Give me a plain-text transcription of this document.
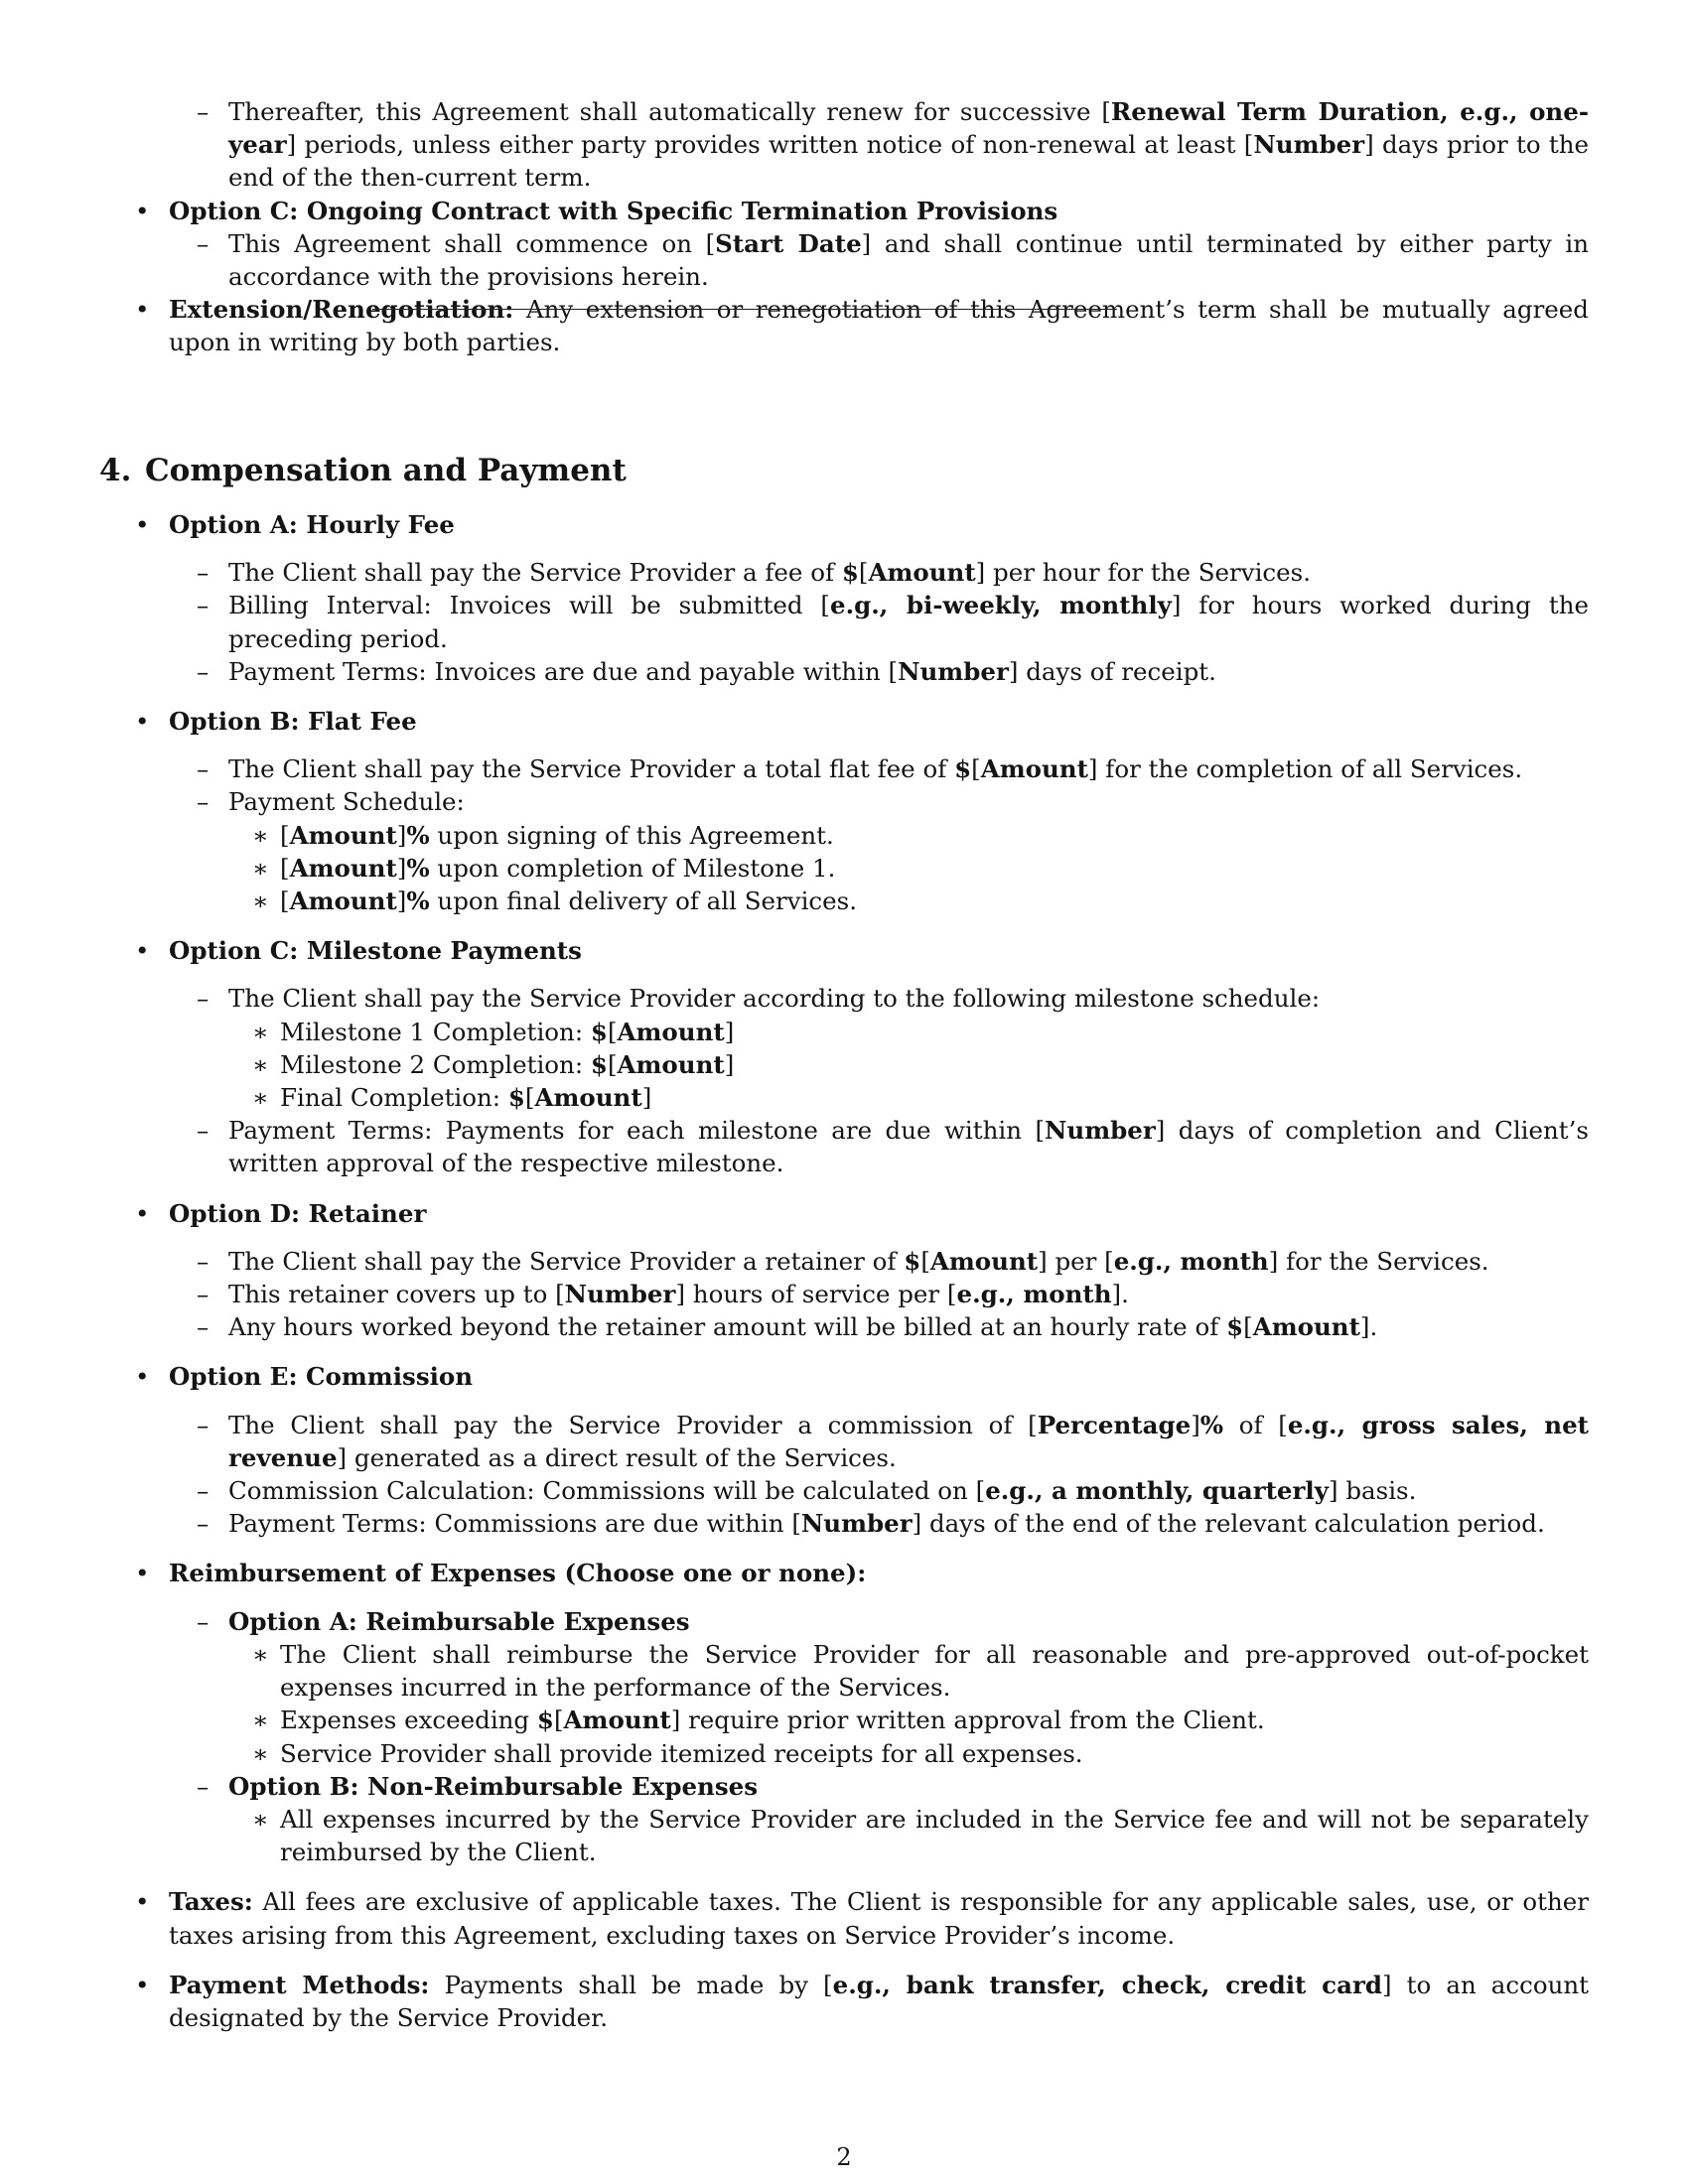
– Thereafter, this Agreement shall automatically renew for successive [Renewal Term Duration, e.g., one-year] periods, unless either party provides written notice of non-renewal at least [Number] days prior to the end of the then-current term.
• Option C: Ongoing Contract with Specific Termination Provisions
– This Agreement shall commence on [Start Date] and shall continue until terminated by either party in accordance with the provisions herein.
• Extension/Renegotiation: Any extension or renegotiation of this Agreement’s term shall be mutually agreed upon in writing by both parties.
4. Compensation and Payment
• Option A: Hourly Fee
– The Client shall pay the Service Provider a fee of $[Amount] per hour for the Services.
– Billing Interval: Invoices will be submitted [e.g., bi-weekly, monthly] for hours worked during the preceding period.
– Payment Terms: Invoices are due and payable within [Number] days of receipt.
• Option B: Flat Fee
– The Client shall pay the Service Provider a total flat fee of $[Amount] for the completion of all Services.
– Payment Schedule:
∗ [Amount]% upon signing of this Agreement.
∗ [Amount]% upon completion of Milestone 1.
∗ [Amount]% upon final delivery of all Services.
• Option C: Milestone Payments
– The Client shall pay the Service Provider according to the following milestone schedule:
∗ Milestone 1 Completion: $[Amount]
∗ Milestone 2 Completion: $[Amount]
∗ Final Completion: $[Amount]
– Payment Terms: Payments for each milestone are due within [Number] days of completion and Client’s written approval of the respective milestone.
• Option D: Retainer
– The Client shall pay the Service Provider a retainer of $[Amount] per [e.g., month] for the Services.
– This retainer covers up to [Number] hours of service per [e.g., month].
– Any hours worked beyond the retainer amount will be billed at an hourly rate of $[Amount].
• Option E: Commission
– The Client shall pay the Service Provider a commission of [Percentage]% of [e.g., gross sales, net revenue] generated as a direct result of the Services.
– Commission Calculation: Commissions will be calculated on [e.g., a monthly, quarterly] basis.
– Payment Terms: Commissions are due within [Number] days of the end of the relevant calculation period.
• Reimbursement of Expenses (Choose one or none):
– Option A: Reimbursable Expenses
∗ The Client shall reimburse the Service Provider for all reasonable and pre-approved out-of-pocket expenses incurred in the performance of the Services.
∗ Expenses exceeding $[Amount] require prior written approval from the Client.
∗ Service Provider shall provide itemized receipts for all expenses.
– Option B: Non-Reimbursable Expenses
∗ All expenses incurred by the Service Provider are included in the Service fee and will not be separately reimbursed by the Client.
• Taxes: All fees are exclusive of applicable taxes. The Client is responsible for any applicable sales, use, or other taxes arising from this Agreement, excluding taxes on Service Provider’s income.
• Payment Methods: Payments shall be made by [e.g., bank transfer, check, credit card] to an account designated by the Service Provider.
2
